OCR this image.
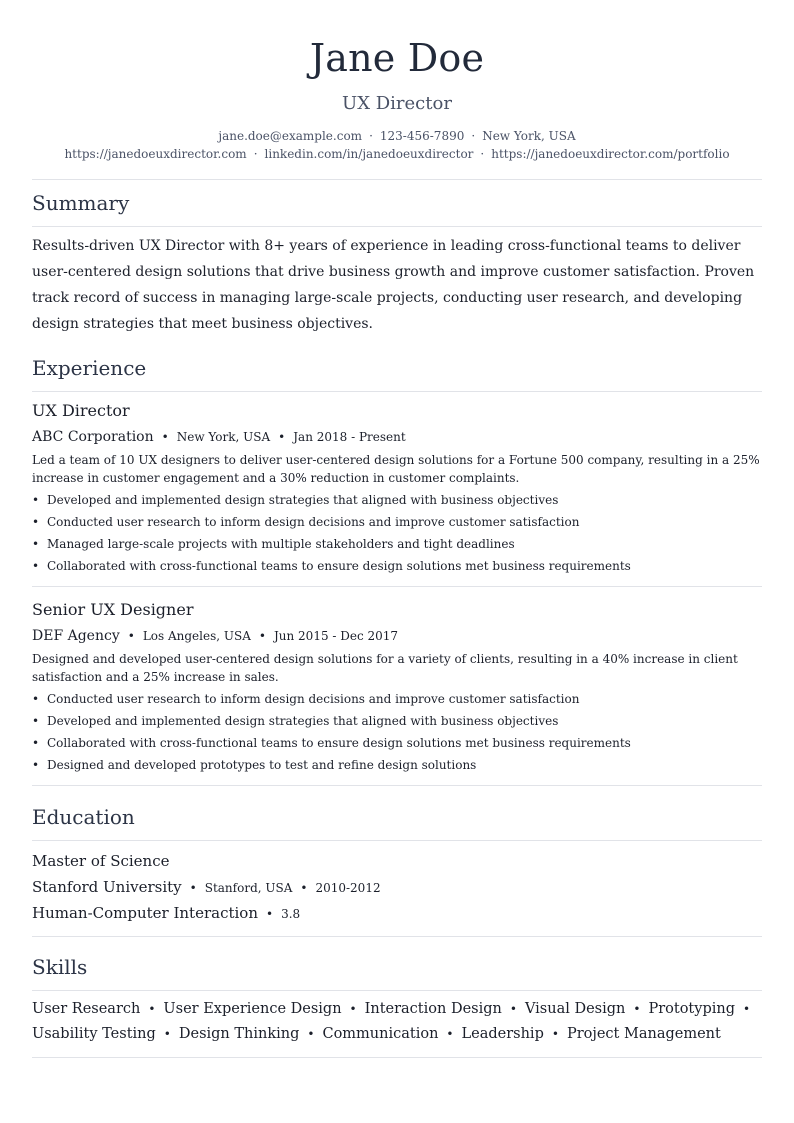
Jane Doe
UX Director
jane.doe@example.com · 123-456-7890 · New York, USA
https://janedoeuxdirector.com · linkedin.com/in/janedoeuxdirector · https://janedoeuxdirector.com/portfolio
Summary

Results-driven UX Director with 8+ years of experience in leading cross-functional teams to deliver user-centered design solutions that drive business growth and improve customer satisfaction. Proven track record of success in managing large-scale projects, conducting user research, and developing design strategies that meet business objectives.

Experience
UX Director
ABC Corporation • New York, USA • Jan 2018 - Present
Led a team of 10 UX designers to deliver user-centered design solutions for a Fortune 500 company, resulting in a 25% increase in customer engagement and a 30% reduction in customer complaints.
• Developed and implemented design strategies that aligned with business objectives
• Conducted user research to inform design decisions and improve customer satisfaction
• Managed large-scale projects with multiple stakeholders and tight deadlines
• Collaborated with cross-functional teams to ensure design solutions met business requirements
Senior UX Designer
DEF Agency • Los Angeles, USA • Jun 2015 - Dec 2017
Designed and developed user-centered design solutions for a variety of clients, resulting in a 40% increase in client satisfaction and a 25% increase in sales.
• Conducted user research to inform design decisions and improve customer satisfaction
• Developed and implemented design strategies that aligned with business objectives
• Collaborated with cross-functional teams to ensure design solutions met business requirements
• Designed and developed prototypes to test and refine design solutions
Education
Master of Science
Stanford University • Stanford, USA • 2010-2012
Human-Computer Interaction • 3.8
Skills
User Research • User Experience Design • Interaction Design • Visual Design • Prototyping •
Usability Testing • Design Thinking • Communication • Leadership • Project Management
